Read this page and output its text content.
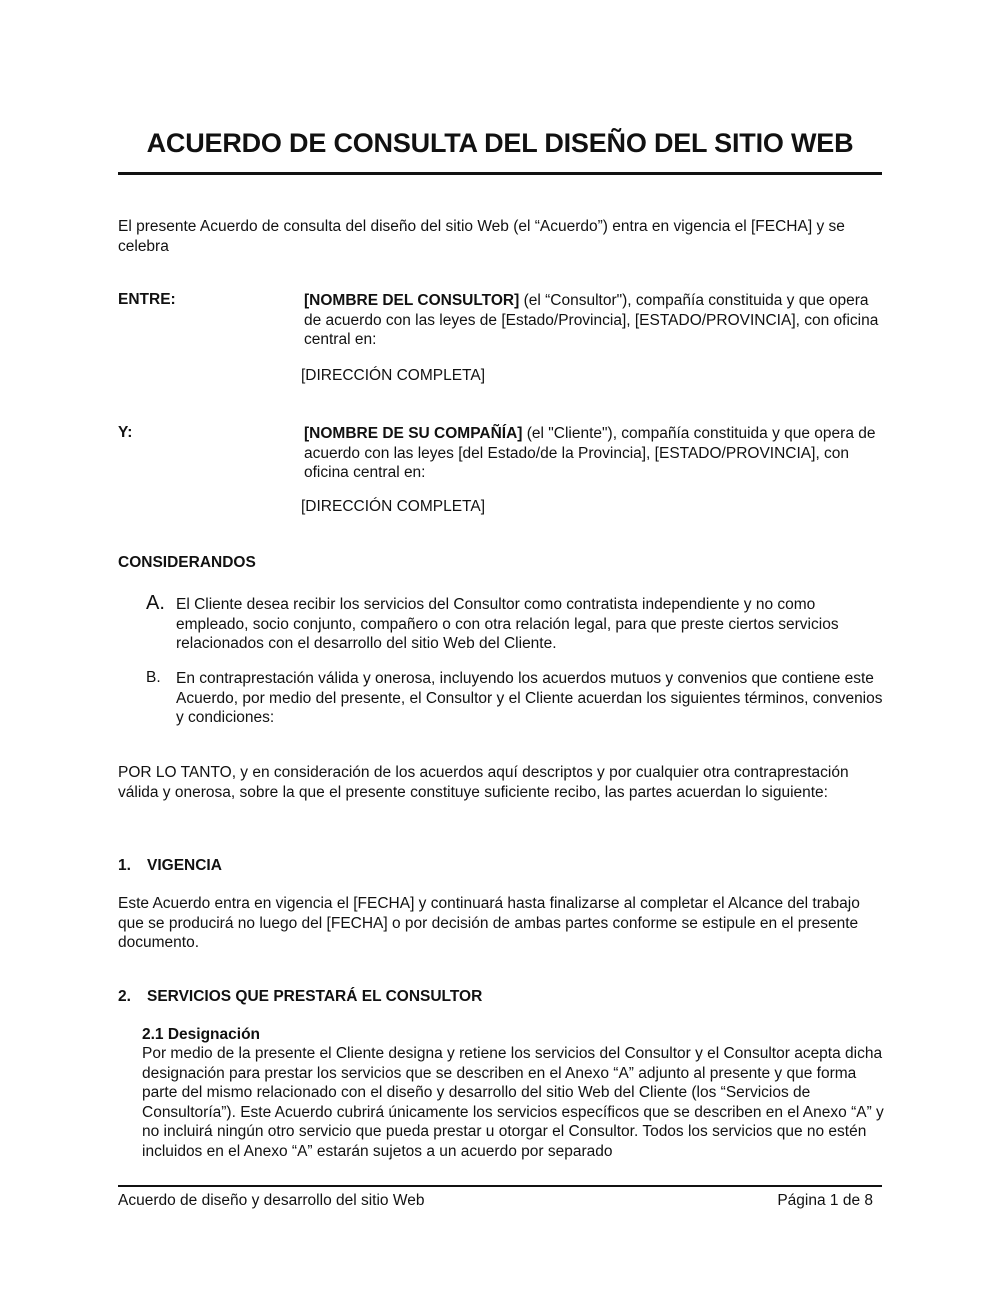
ACUERDO DE CONSULTA DEL DISEÑO DEL SITIO WEB
El presente Acuerdo de consulta del diseño del sitio Web (el “Acuerdo”) entra en vigencia el [FECHA] y se celebra
ENTRE:	[NOMBRE DEL CONSULTOR] (el “Consultor"), compañía constituida y que opera de acuerdo con las leyes de [Estado/Provincia], [ESTADO/PROVINCIA], con oficina central en:
[DIRECCIÓN COMPLETA]
Y:	[NOMBRE DE SU COMPAÑÍA] (el "Cliente"), compañía constituida y que opera de acuerdo con las leyes [del Estado/de la Provincia], [ESTADO/PROVINCIA], con oficina central en:
[DIRECCIÓN COMPLETA]
CONSIDERANDOS
A. El Cliente desea recibir los servicios del Consultor como contratista independiente y no como empleado, socio conjunto, compañero o con otra relación legal, para que preste ciertos servicios relacionados con el desarrollo del sitio Web del Cliente.
B. En contraprestación válida y onerosa, incluyendo los acuerdos mutuos y convenios que contiene este Acuerdo, por medio del presente, el Consultor y el Cliente acuerdan los siguientes términos, convenios y condiciones:
POR LO TANTO, y en consideración de los acuerdos aquí descriptos y por cualquier otra contraprestación válida y onerosa, sobre la que el presente constituye suficiente recibo, las partes acuerdan lo siguiente:
1. VIGENCIA
Este Acuerdo entra en vigencia el [FECHA] y continuará hasta finalizarse al completar el Alcance del trabajo que se producirá no luego del [FECHA] o por decisión de ambas partes conforme se estipule en el presente documento.
2. SERVICIOS QUE PRESTARÁ EL CONSULTOR
2.1 Designación
Por medio de la presente el Cliente designa y retiene los servicios del Consultor y el Consultor acepta dicha designación para prestar los servicios que se describen en el Anexo “A” adjunto al presente y que forma parte del mismo relacionado con el diseño y desarrollo del sitio Web del Cliente (los “Servicios de Consultoría”). Este Acuerdo cubrirá únicamente los servicios específicos que se describen en el Anexo “A” y no incluirá ningún otro servicio que pueda prestar u otorgar el Consultor. Todos los servicios que no estén incluidos en el Anexo “A” estarán sujetos a un acuerdo por separado
Acuerdo de diseño y desarrollo del sitio Web	Página 1 de 8
